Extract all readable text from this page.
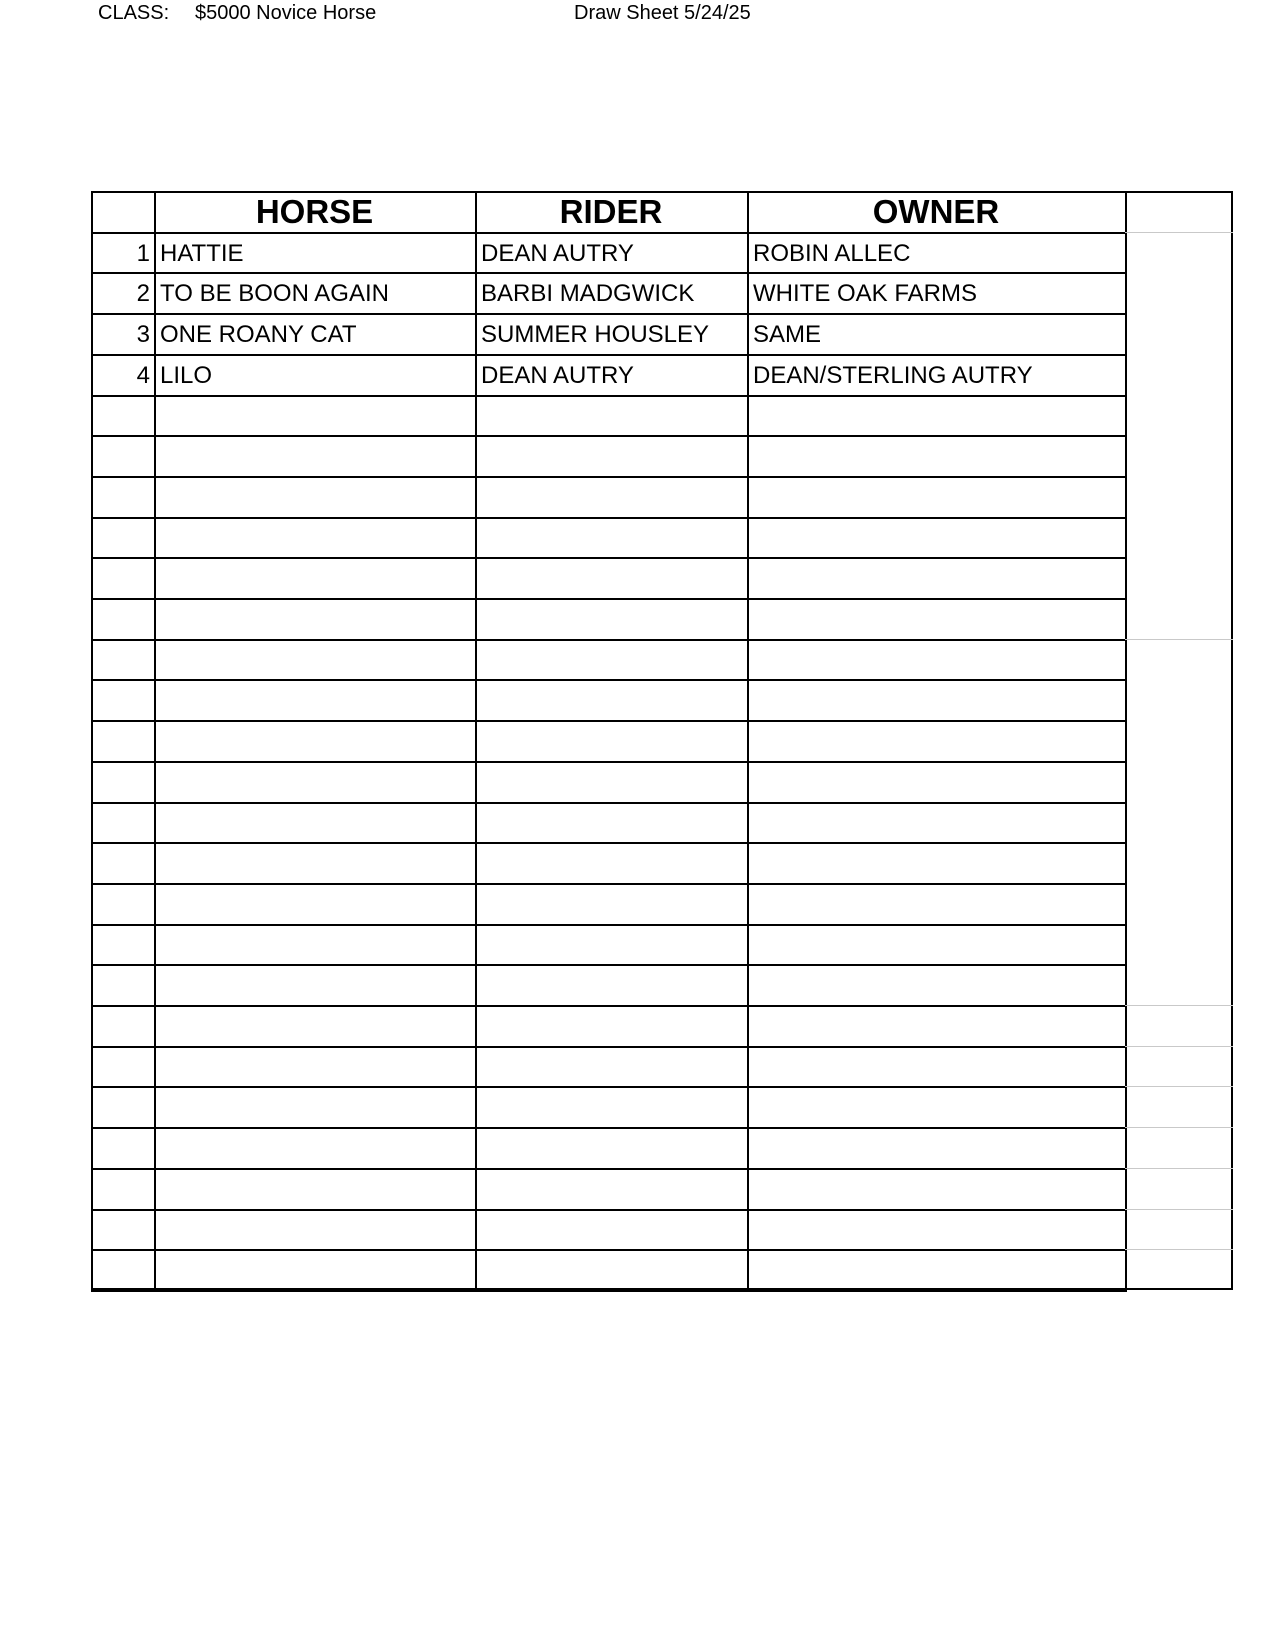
CLASS: $5000 Novice Horse	Draw Sheet 5/24/25
HORSE	RIDER	OWNER
1 HATTIE	DEAN AUTRY	ROBIN ALLEC
2 TO BE BOON AGAIN	BARBI MADGWICK	WHITE OAK FARMS
3 ONE ROANY CAT	SUMMER HOUSLEY	SAME
4 LILO	DEAN AUTRY	DEAN/STERLING AUTRY
